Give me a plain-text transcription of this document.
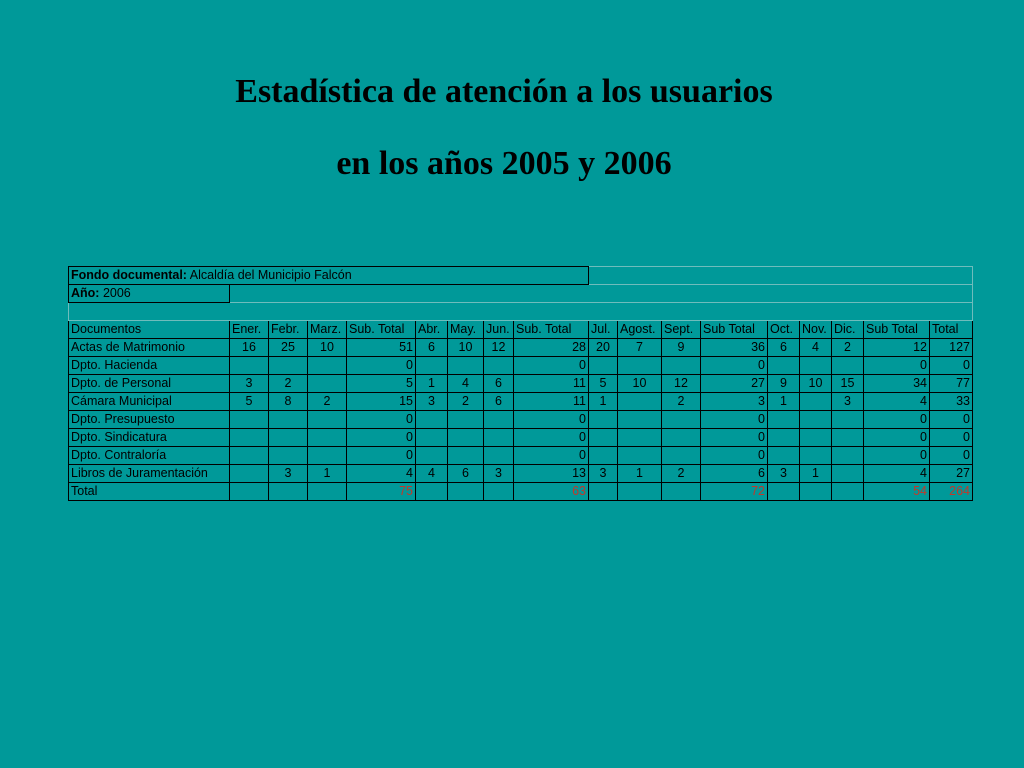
Estadística de atención a los usuarios
en los años 2005 y 2006
Fondo documental: Alcaldía del Municipio Falcón																	
Año: 2006																	

Documentos	Ener.	Febr.	Marz.	Sub. Total	Abr.	May.	Jun.	Sub. Total	Jul.	Agost.	Sept.	Sub Total	Oct.	Nov.	Dic.	Sub Total	Total
Actas de Matrimonio	16	25	10	51	6	10	12	28	20	7	9	36	6	4	2	12	127
Dpto. Hacienda				0				0				0				0	0
Dpto. de Personal	3	2		5	1	4	6	11	5	10	12	27	9	10	15	34	77
Cámara Municipal	5	8	2	15	3	2	6	11	1		2	3	1		3	4	33
Dpto. Presupuesto				0				0				0				0	0
Dpto. Sindicatura				0				0				0				0	0
Dpto. Contraloría				0				0				0				0	0
Libros de Juramentación		3	1	4	4	6	3	13	3	1	2	6	3	1		4	27
Total				75				63				72				54	264
